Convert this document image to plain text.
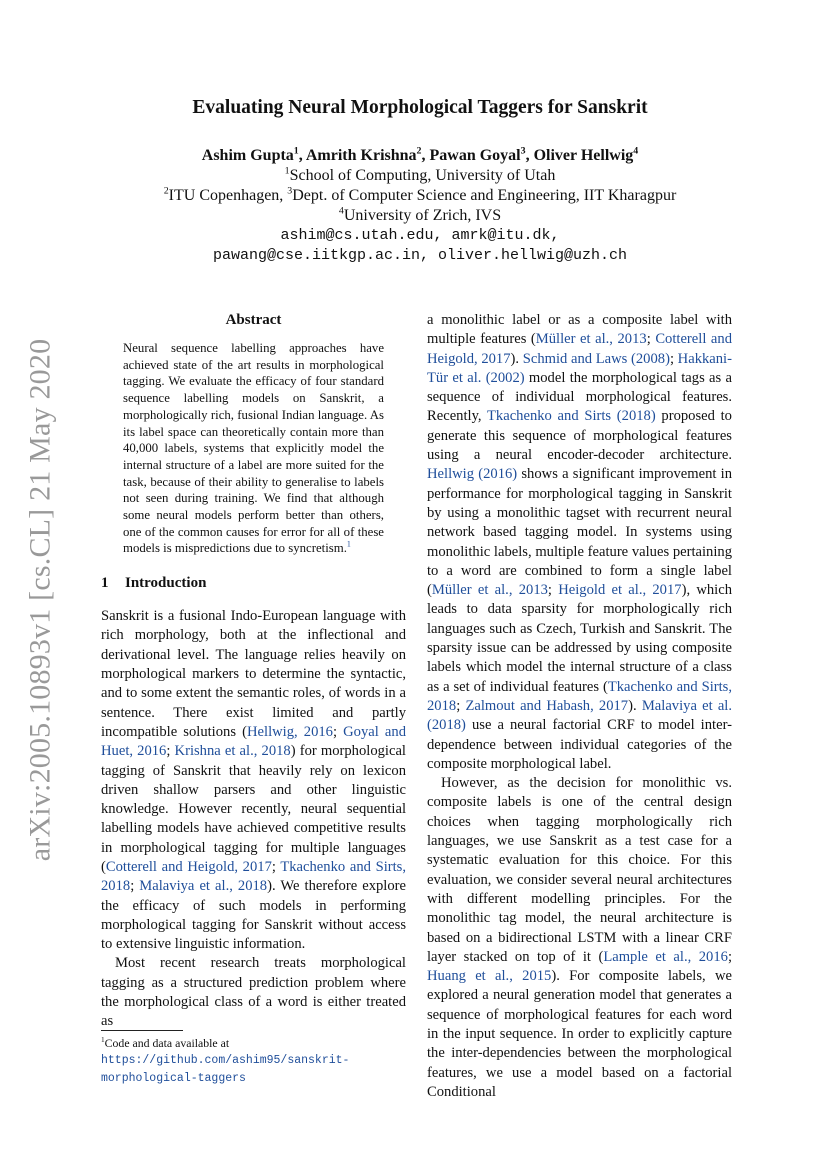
arXiv:2005.10893v1 [cs.CL] 21 May 2020
Evaluating Neural Morphological Taggers for Sanskrit
Ashim Gupta$^1$, Amrith Krishna$^2$, Pawan Goyal$^3$, Oliver Hellwig$^4$
$^1$School of Computing, University of Utah
$^2$ITU Copenhagen, $^3$Dept. of Computer Science and Engineering, IIT Kharagpur
$^4$University of Zrich, IVS
ashim@cs.utah.edu, amrk@itu.dk,
pawang@cse.iitkgp.ac.in, oliver.hellwig@uzh.ch
Abstract
Neural sequence labelling approaches have achieved state of the art results in morphological tagging. We evaluate the efficacy of four standard sequence labelling models on Sanskrit, a morphologically rich, fusional Indian language. As its label space can theoretically contain more than 40,000 labels, systems that explicitly model the internal structure of a label are more suited for the task, because of their ability to generalise to labels not seen during training. We find that although some neural models perform better than others, one of the common causes for error for all of these models is mispredictions due to syncretism.$^1$
1 Introduction

Sanskrit is a fusional Indo-European language with rich morphology, both at the inflectional and derivational level. The language relies heavily on morphological markers to determine the syntactic, and to some extent the semantic roles, of words in a sentence. There exist limited and partly incompatible solutions (Hellwig, 2016; Goyal and Huet, 2016; Krishna et al., 2018) for morphological tagging of Sanskrit that heavily rely on lexicon driven shallow parsers and other linguistic knowledge. However recently, neural sequential labelling models have achieved competitive results in morphological tagging for multiple languages (Cotterell and Heigold, 2017; Tkachenko and Sirts, 2018; Malaviya et al., 2018). We therefore explore the efficacy of such models in performing morphological tagging for Sanskrit without access to extensive linguistic information.

Most recent research treats morphological tagging as a structured prediction problem where the morphological class of a word is either treated as

a monolithic label or as a composite label with multiple features (Müller et al., 2013; Cotterell and Heigold, 2017). Schmid and Laws (2008); Hakkani-Tür et al. (2002) model the morphological tags as a sequence of individual morphological features. Recently, Tkachenko and Sirts (2018) proposed to generate this sequence of morphological features using a neural encoder-decoder architecture. Hellwig (2016) shows a significant improvement in performance for morphological tagging in Sanskrit by using a monolithic tagset with recurrent neural network based tagging model. In systems using monolithic labels, multiple feature values pertaining to a word are combined to form a single label (Müller et al., 2013; Heigold et al., 2017), which leads to data sparsity for morphologically rich languages such as Czech, Turkish and Sanskrit. The sparsity issue can be addressed by using composite labels which model the internal structure of a class as a set of individual features (Tkachenko and Sirts, 2018; Zalmout and Habash, 2017). Malaviya et al. (2018) use a neural factorial CRF to model inter-dependence between individual categories of the composite morphological label.

However, as the decision for monolithic vs. composite labels is one of the central design choices when tagging morphologically rich languages, we use Sanskrit as a test case for a systematic evaluation for this choice. For this evaluation, we consider several neural architectures with different modelling principles. For the monolithic tag model, the neural architecture is based on a bidirectional LSTM with a linear CRF layer stacked on top of it (Lample et al., 2016; Huang et al., 2015). For composite labels, we explored a neural generation model that generates a sequence of morphological features for each word in the input sequence. In order to explicitly capture the inter-dependencies between the morphological features, we use a model based on a factorial Conditional

$^1$Code and data available at https://github.com/ashim95/sanskrit-morphological-taggers
